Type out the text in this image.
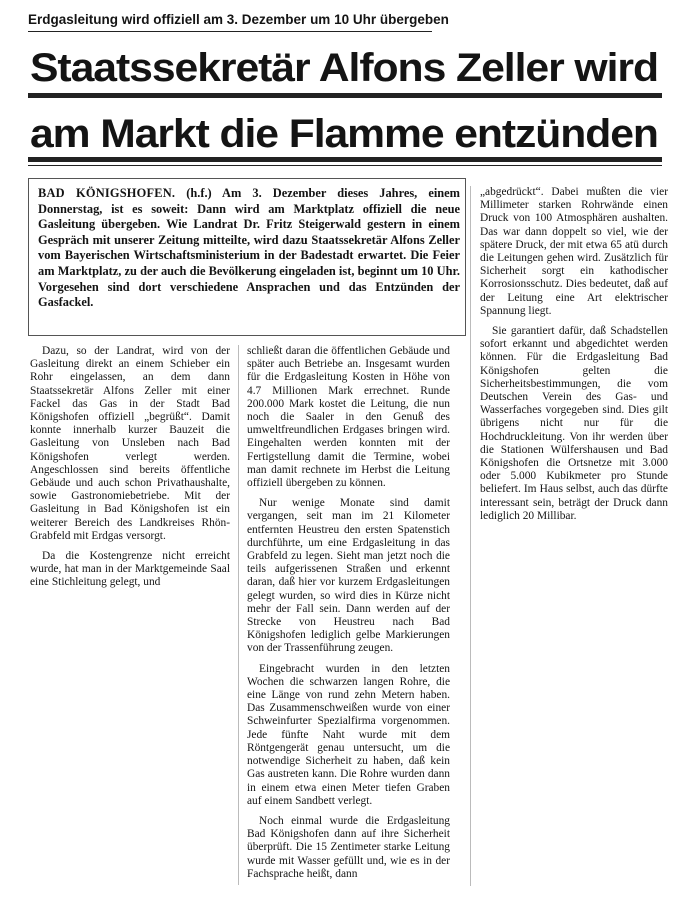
Erdgasleitung wird offiziell am 3. Dezember um 10 Uhr übergeben
Staatssekretär Alfons Zeller wird
am Markt die Flamme entzünden

BAD KÖNIGSHOFEN. (h.f.) Am 3. Dezember dieses Jahres, einem Donnerstag, ist es soweit: Dann wird am Marktplatz offiziell die neue Gasleitung übergeben. Wie Landrat Dr. Fritz Steigerwald gestern in einem Gespräch mit unserer Zeitung mitteilte, wird dazu Staatssekretär Alfons Zeller vom Bayerischen Wirtschaftsministerium in der Badestadt erwartet. Die Feier am Marktplatz, zu der auch die Bevölkerung eingeladen ist, beginnt um 10 Uhr. Vorgesehen sind dort verschiedene Ansprachen und das Entzünden der Gasfackel.

Dazu, so der Landrat, wird von der Gasleitung direkt an einem Schieber ein Rohr eingelassen, an dem dann Staatssekretär Alfons Zeller mit einer Fackel das Gas in der Stadt Bad Königshofen offiziell „begrüßt“. Damit konnte innerhalb kurzer Bauzeit die Gasleitung von Unsleben nach Bad Königshofen verlegt werden. Angeschlossen sind bereits öffentliche Gebäude und auch schon Privathaushalte, sowie Gastronomiebetriebe. Mit der Gasleitung in Bad Königshofen ist ein weiterer Bereich des Landkreises Rhön-Grabfeld mit Erdgas versorgt.

Da die Kostengrenze nicht erreicht wurde, hat man in der Marktgemeinde Saal eine Stichleitung gelegt, und

schließt daran die öffentlichen Gebäude und später auch Betriebe an. Insgesamt wurden für die Erdgasleitung Kosten in Höhe von 4.7 Millionen Mark errechnet. Runde 200.000 Mark kostet die Leitung, die nun noch die Saaler in den Genuß des umweltfreundlichen Erdgases bringen wird. Eingehalten werden konnten mit der Fertigstellung damit die Termine, wobei man damit rechnete im Herbst die Leitung offiziell übergeben zu können.

Nur wenige Monate sind damit vergangen, seit man im 21 Kilometer entfernten Heustreu den ersten Spatenstich durchführte, um eine Erdgasleitung in das Grabfeld zu legen. Sieht man jetzt noch die teils aufgerissenen Straßen und erkennt daran, daß hier vor kurzem Erdgasleitungen gelegt wurden, so wird dies in Kürze nicht mehr der Fall sein. Dann werden auf der Strecke von Heustreu nach Bad Königshofen lediglich gelbe Markierungen von der Trassenführung zeugen.

Eingebracht wurden in den letzten Wochen die schwarzen langen Rohre, die eine Länge von rund zehn Metern haben. Das Zusammenschweißen wurde von einer Schweinfurter Spezialfirma vorgenommen. Jede fünfte Naht wurde mit dem Röntgengerät genau untersucht, um die notwendige Sicherheit zu haben, daß kein Gas austreten kann. Die Rohre wurden dann in einem etwa einen Meter tiefen Graben auf einem Sandbett verlegt.

Noch einmal wurde die Erdgasleitung Bad Königshofen dann auf ihre Sicherheit überprüft. Die 15 Zentimeter starke Leitung wurde mit Wasser gefüllt und, wie es in der Fachsprache heißt, dann

„abgedrückt“. Dabei mußten die vier Millimeter starken Rohrwände einen Druck von 100 Atmosphären aushalten. Das war dann doppelt so viel, wie der spätere Druck, der mit etwa 65 atü durch die Leitungen gehen wird. Zusätzlich für Sicherheit sorgt ein kathodischer Korrosionsschutz. Dies bedeutet, daß auf der Leitung eine Art elektrischer Spannung liegt.

Sie garantiert dafür, daß Schadstellen sofort erkannt und abgedichtet werden können. Für die Erdgasleitung Bad Königshofen gelten die Sicherheitsbestimmungen, die vom Deutschen Verein des Gas- und Wasserfaches vorgegeben sind. Dies gilt übrigens nicht nur für die Hochdruckleitung. Von ihr werden über die Stationen Wülfershausen und Bad Königshofen die Ortsnetze mit 3.000 oder 5.000 Kubikmeter pro Stunde beliefert. Im Haus selbst, auch das dürfte interessant sein, beträgt der Druck dann lediglich 20 Millibar.
